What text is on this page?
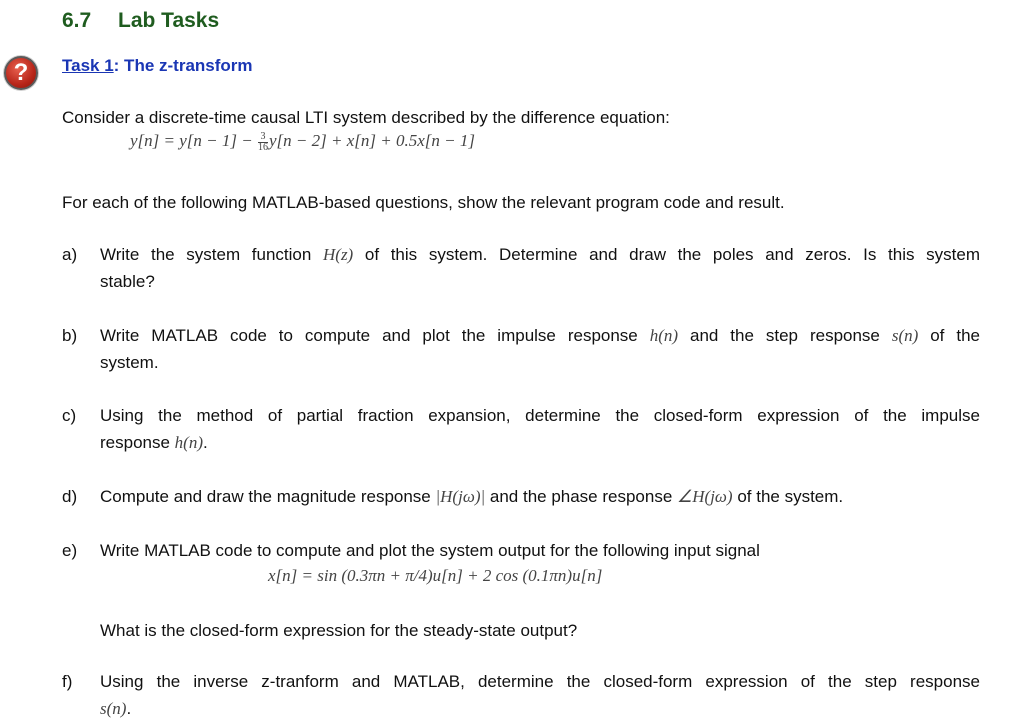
6.7 Lab Tasks
?	Task 1: The z-transform
Consider a discrete-time causal LTI system described by the difference equation:
$y[n] = y[n - 1] - \frac{3}{16} y[n - 2] + x[n] + 0.5x[n - 1]$
For each of the following MATLAB-based questions, show the relevant program code and result.
a)	Write the system function H(z) of this system. Determine and draw the poles and zeros. Is this system
stable?
b)	Write MATLAB code to compute and plot the impulse response h(n) and the step response s(n) of the
system.
c)	Using the method of partial fraction expansion, determine the closed-form expression of the impulse
response h(n).
d)	Compute and draw the magnitude response |H(jω)| and the phase response ∠H(jω) of the system.
e)	Write MATLAB code to compute and plot the system output for the following input signal
x[n] = sin (0.3πn + π/4)u[n] + 2 cos (0.1πn)u[n]
What is the closed-form expression for the steady-state output?
f)	Using the inverse z-tranform and MATLAB, determine the closed-form expression of the step response
s(n).
